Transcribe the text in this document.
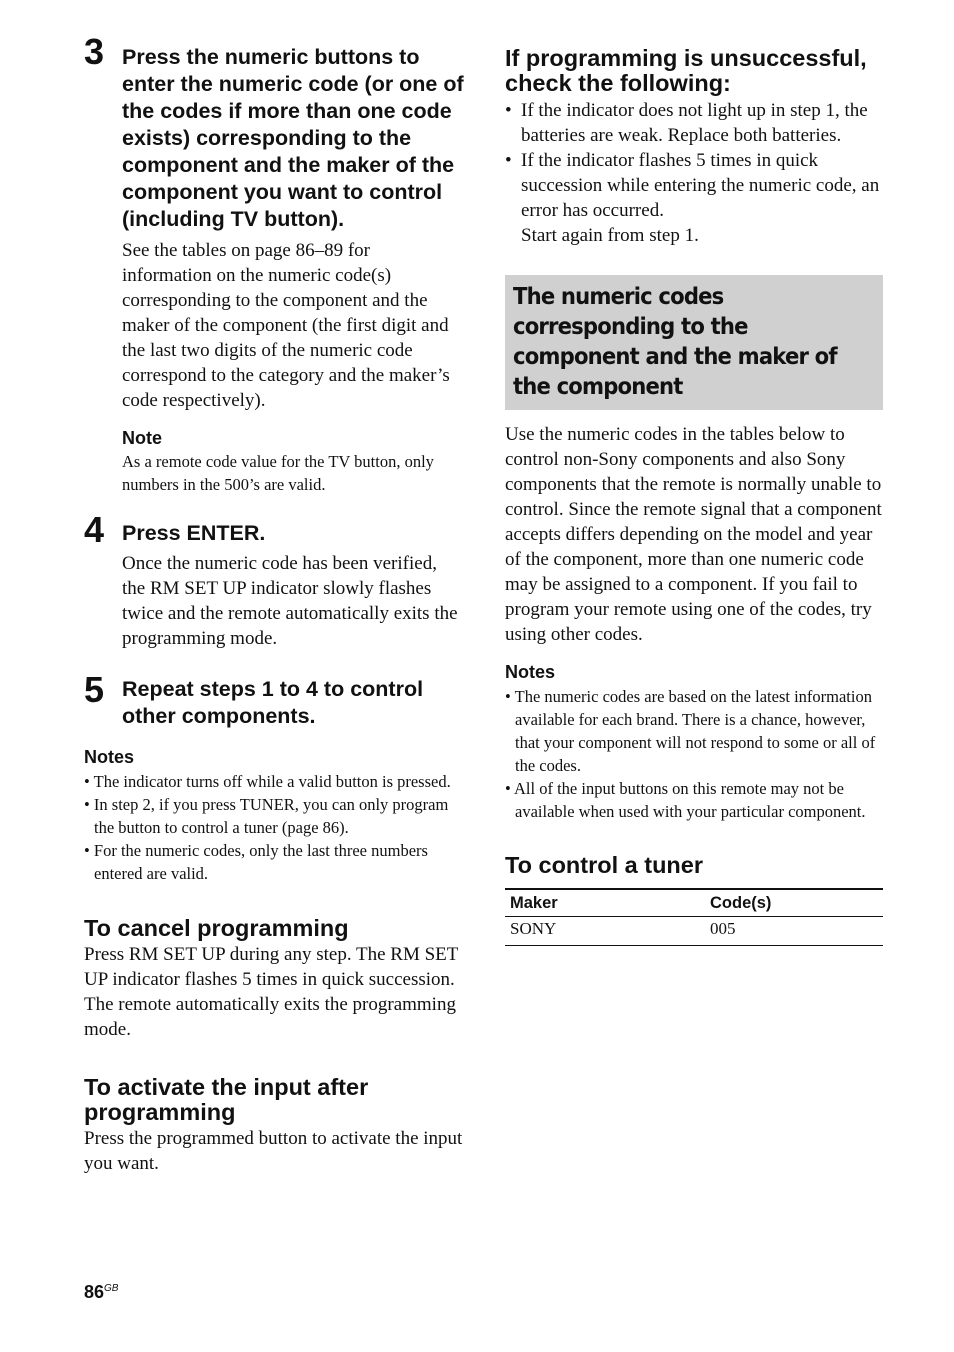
3 Press the numeric buttons to enter the numeric code (or one of the codes if more than one code exists) corresponding to the component and the maker of the component you want to control (including TV button).

See the tables on page 86–89 for information on the numeric code(s) corresponding to the component and the maker of the component (the first digit and the last two digits of the numeric code correspond to the category and the maker’s code respectively).

Note

As a remote code value for the TV button, only numbers in the 500’s are valid.

4 Press ENTER.

Once the numeric code has been verified, the RM SET UP indicator slowly flashes twice and the remote automatically exits the programming mode.

5 Repeat steps 1 to 4 to control other components.

Notes

• The indicator turns off while a valid button is pressed.
• In step 2, if you press TUNER, you can only program the button to control a tuner (page 86).
• For the numeric codes, only the last three numbers entered are valid.

To cancel programming

Press RM SET UP during any step. The RM SET UP indicator flashes 5 times in quick succession. The remote automatically exits the programming mode.

To activate the input after programming

Press the programmed button to activate the input you want.

If programming is unsuccessful, check the following:

• If the indicator does not light up in step 1, the batteries are weak. Replace both batteries.
• If the indicator flashes 5 times in quick succession while entering the numeric code, an error has occurred.
Start again from step 1.

The numeric codes corresponding to the component and the maker of the component

Use the numeric codes in the tables below to control non-Sony components and also Sony components that the remote is normally unable to control. Since the remote signal that a component accepts differs depending on the model and year of the component, more than one numeric code may be assigned to a component. If you fail to program your remote using one of the codes, try using other codes.

Notes

• The numeric codes are based on the latest information available for each brand. There is a chance, however, that your component will not respond to some or all of the codes.
• All of the input buttons on this remote may not be available when used with your particular component.

To control a tuner

Maker	Code(s)
SONY	005
$86^{GB}$
